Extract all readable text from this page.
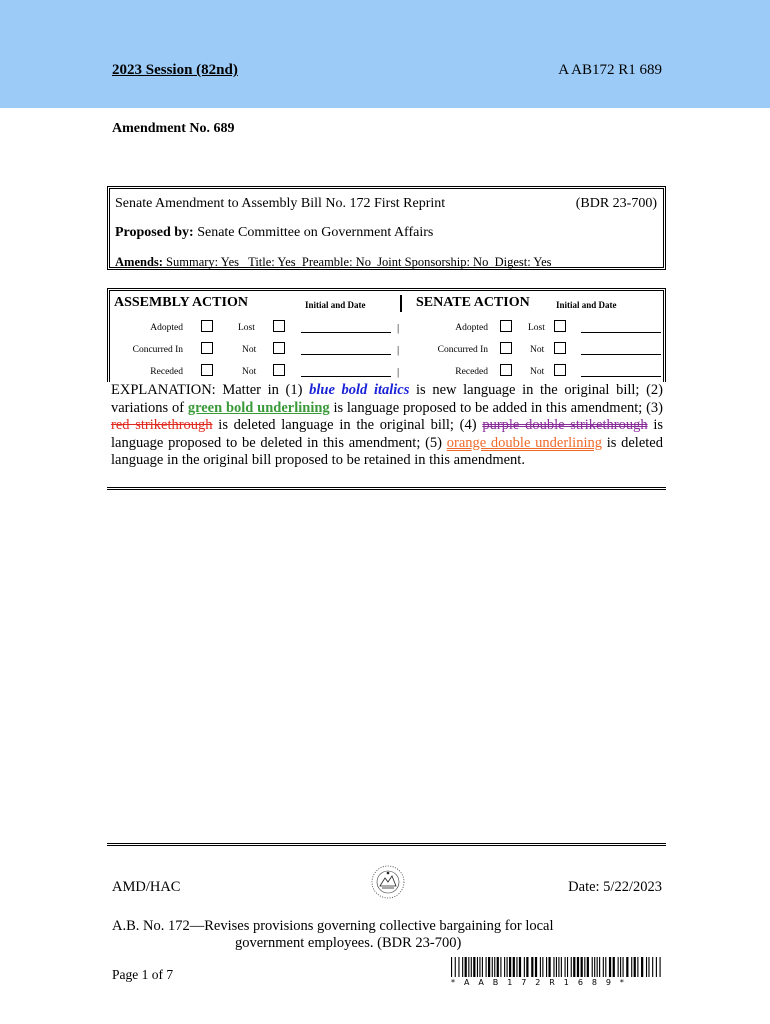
2023 Session (82nd)	A AB172 R1 689
Amendment No. 689
Senate Amendment to Assembly Bill No. 172 First Reprint	(BDR 23-700)
Proposed by: Senate Committee on Government Affairs
Amends: Summary: Yes   Title: Yes  Preamble: No  Joint Sponsorship: No  Digest: Yes
ASSEMBLY ACTION	Initial and Date	SENATE ACTION	Initial and Date
Adopted	Lost	|	Adopted	Lost
Concurred In	Not	|	Concurred In	Not
Receded	Not	|	Receded	Not
EXPLANATION: Matter in (1) blue bold italics is new language in the original bill; (2) variations of green bold underlining is language proposed to be added in this amendment; (3) red strikethrough is deleted language in the original bill; (4) purple double strikethrough is language proposed to be deleted in this amendment; (5) orange double underlining is deleted language in the original bill proposed to be retained in this amendment.
AMD/HAC	Date: 5/22/2023
A.B. No. 172—Revises provisions governing collective bargaining for local
government employees. (BDR 23-700)
Page 1 of 7
* A A B 1 7 2 R 1 6 8 9 *
